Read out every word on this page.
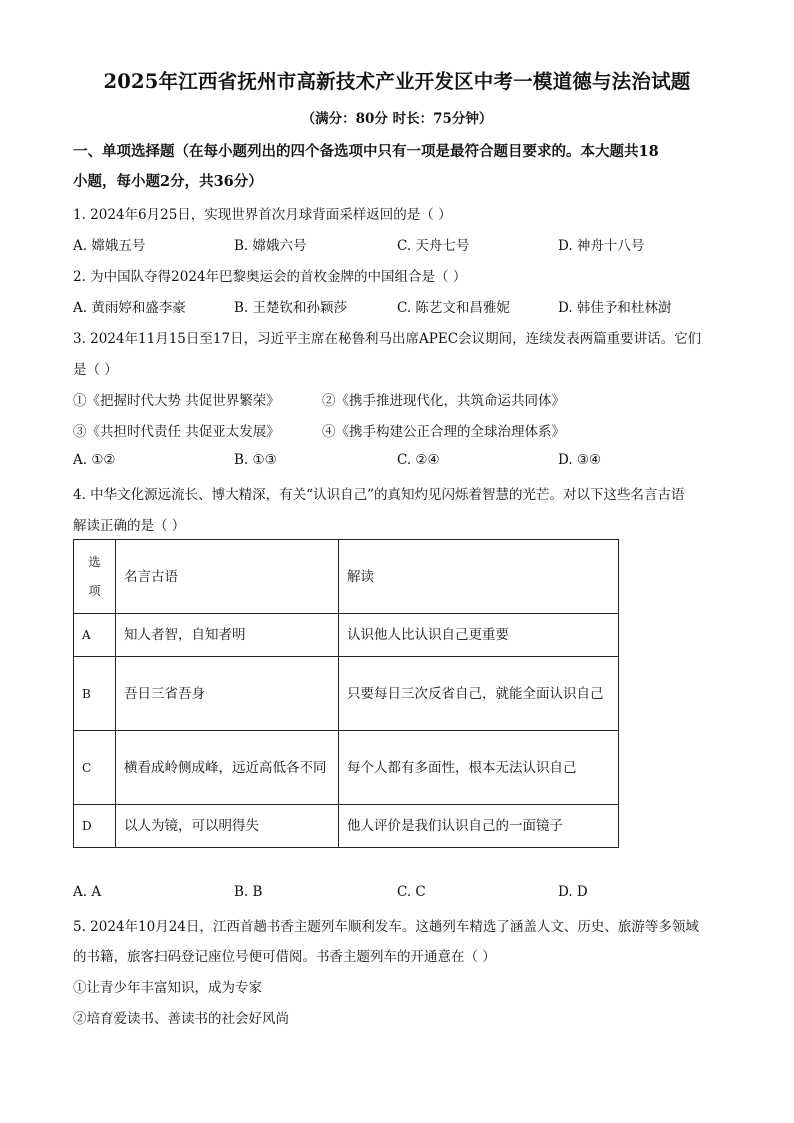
2025年江西省抚州市高新技术产业开发区中考一模道德与法治试题
（满分：80分 时长：75分钟）
一、单项选择题（在每小题列出的四个备选项中只有一项是最符合题目要求的。本大题共18
小题，每小题2分，共36分）
1. 2024年6月25日，实现世界首次月球背面采样返回的是（ ）
A. 嫦娥五号	B. 嫦娥六号	C. 天舟七号	D. 神舟十八号
2. 为中国队夺得2024年巴黎奥运会的首枚金牌的中国组合是（ ）
A. 黄雨婷和盛李豪	B. 王楚钦和孙颖莎	C. 陈艺文和昌雅妮	D. 韩佳予和杜林澍
3. 2024年11月15日至17日，习近平主席在秘鲁利马出席APEC会议期间，连续发表两篇重要讲话。它们
是（ ）
①《把握时代大势 共促世界繁荣》	②《携手推进现代化，共筑命运共同体》
③《共担时代责任 共促亚太发展》	④《携手构建公正合理的全球治理体系》
A. ①②	B. ①③	C. ②④	D. ③④
4. 中华文化源远流长、博大精深，有关“认识自己”的真知灼见闪烁着智慧的光芒。对以下这些名言古语
解读正确的是（ ）
选
项	名言古语	解读
A	知人者智，自知者明	认识他人比认识自己更重要
B	吾日三省吾身	只要每日三次反省自己，就能全面认识自己
C	横看成岭侧成峰，远近高低各不同	每个人都有多面性，根本无法认识自己
D	以人为镜，可以明得失	他人评价是我们认识自己的一面镜子
A. A	B. B	C. C	D. D
5. 2024年10月24日，江西首趟书香主题列车顺利发车。这趟列车精选了涵盖人文、历史、旅游等多领域
的书籍，旅客扫码登记座位号便可借阅。书香主题列车的开通意在（ ）
①让青少年丰富知识，成为专家
②培育爱读书、善读书的社会好风尚
